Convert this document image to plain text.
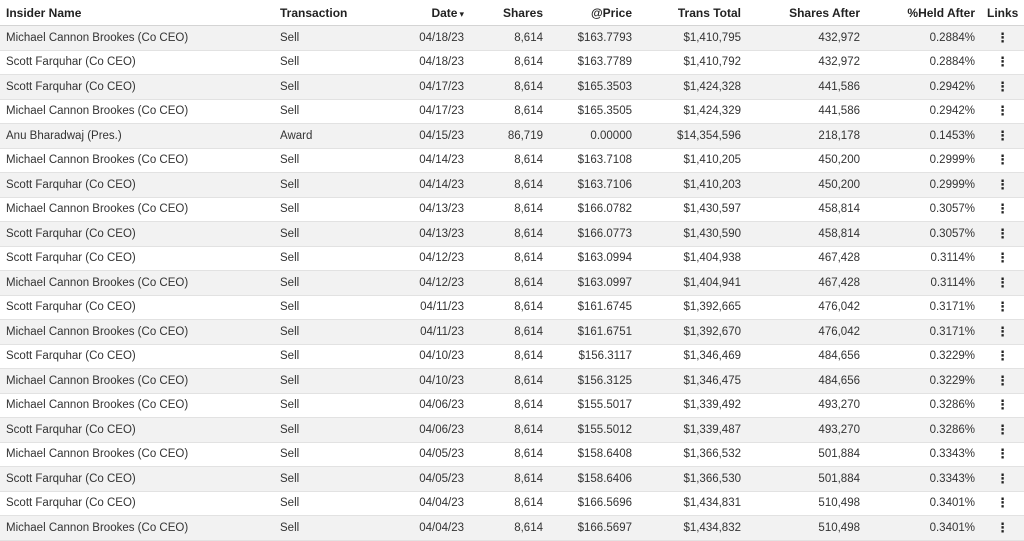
Insider Name	Transaction	Date ▾	Shares	@Price	Trans Total	Shares After	%Held After	Links
Michael Cannon Brookes (Co CEO)	Sell	04/18/23	8,614	$163.7793	$1,410,795	432,972	0.2884%	⋮
Scott Farquhar (Co CEO)	Sell	04/18/23	8,614	$163.7789	$1,410,792	432,972	0.2884%	⋮
Scott Farquhar (Co CEO)	Sell	04/17/23	8,614	$165.3503	$1,424,328	441,586	0.2942%	⋮
Michael Cannon Brookes (Co CEO)	Sell	04/17/23	8,614	$165.3505	$1,424,329	441,586	0.2942%	⋮
Anu Bharadwaj (Pres.)	Award	04/15/23	86,719	0.00000	$14,354,596	218,178	0.1453%	⋮
Michael Cannon Brookes (Co CEO)	Sell	04/14/23	8,614	$163.7108	$1,410,205	450,200	0.2999%	⋮
Scott Farquhar (Co CEO)	Sell	04/14/23	8,614	$163.7106	$1,410,203	450,200	0.2999%	⋮
Michael Cannon Brookes (Co CEO)	Sell	04/13/23	8,614	$166.0782	$1,430,597	458,814	0.3057%	⋮
Scott Farquhar (Co CEO)	Sell	04/13/23	8,614	$166.0773	$1,430,590	458,814	0.3057%	⋮
Scott Farquhar (Co CEO)	Sell	04/12/23	8,614	$163.0994	$1,404,938	467,428	0.3114%	⋮
Michael Cannon Brookes (Co CEO)	Sell	04/12/23	8,614	$163.0997	$1,404,941	467,428	0.3114%	⋮
Scott Farquhar (Co CEO)	Sell	04/11/23	8,614	$161.6745	$1,392,665	476,042	0.3171%	⋮
Michael Cannon Brookes (Co CEO)	Sell	04/11/23	8,614	$161.6751	$1,392,670	476,042	0.3171%	⋮
Scott Farquhar (Co CEO)	Sell	04/10/23	8,614	$156.3117	$1,346,469	484,656	0.3229%	⋮
Michael Cannon Brookes (Co CEO)	Sell	04/10/23	8,614	$156.3125	$1,346,475	484,656	0.3229%	⋮
Michael Cannon Brookes (Co CEO)	Sell	04/06/23	8,614	$155.5017	$1,339,492	493,270	0.3286%	⋮
Scott Farquhar (Co CEO)	Sell	04/06/23	8,614	$155.5012	$1,339,487	493,270	0.3286%	⋮
Michael Cannon Brookes (Co CEO)	Sell	04/05/23	8,614	$158.6408	$1,366,532	501,884	0.3343%	⋮
Scott Farquhar (Co CEO)	Sell	04/05/23	8,614	$158.6406	$1,366,530	501,884	0.3343%	⋮
Scott Farquhar (Co CEO)	Sell	04/04/23	8,614	$166.5696	$1,434,831	510,498	0.3401%	⋮
Michael Cannon Brookes (Co CEO)	Sell	04/04/23	8,614	$166.5697	$1,434,832	510,498	0.3401%	⋮
